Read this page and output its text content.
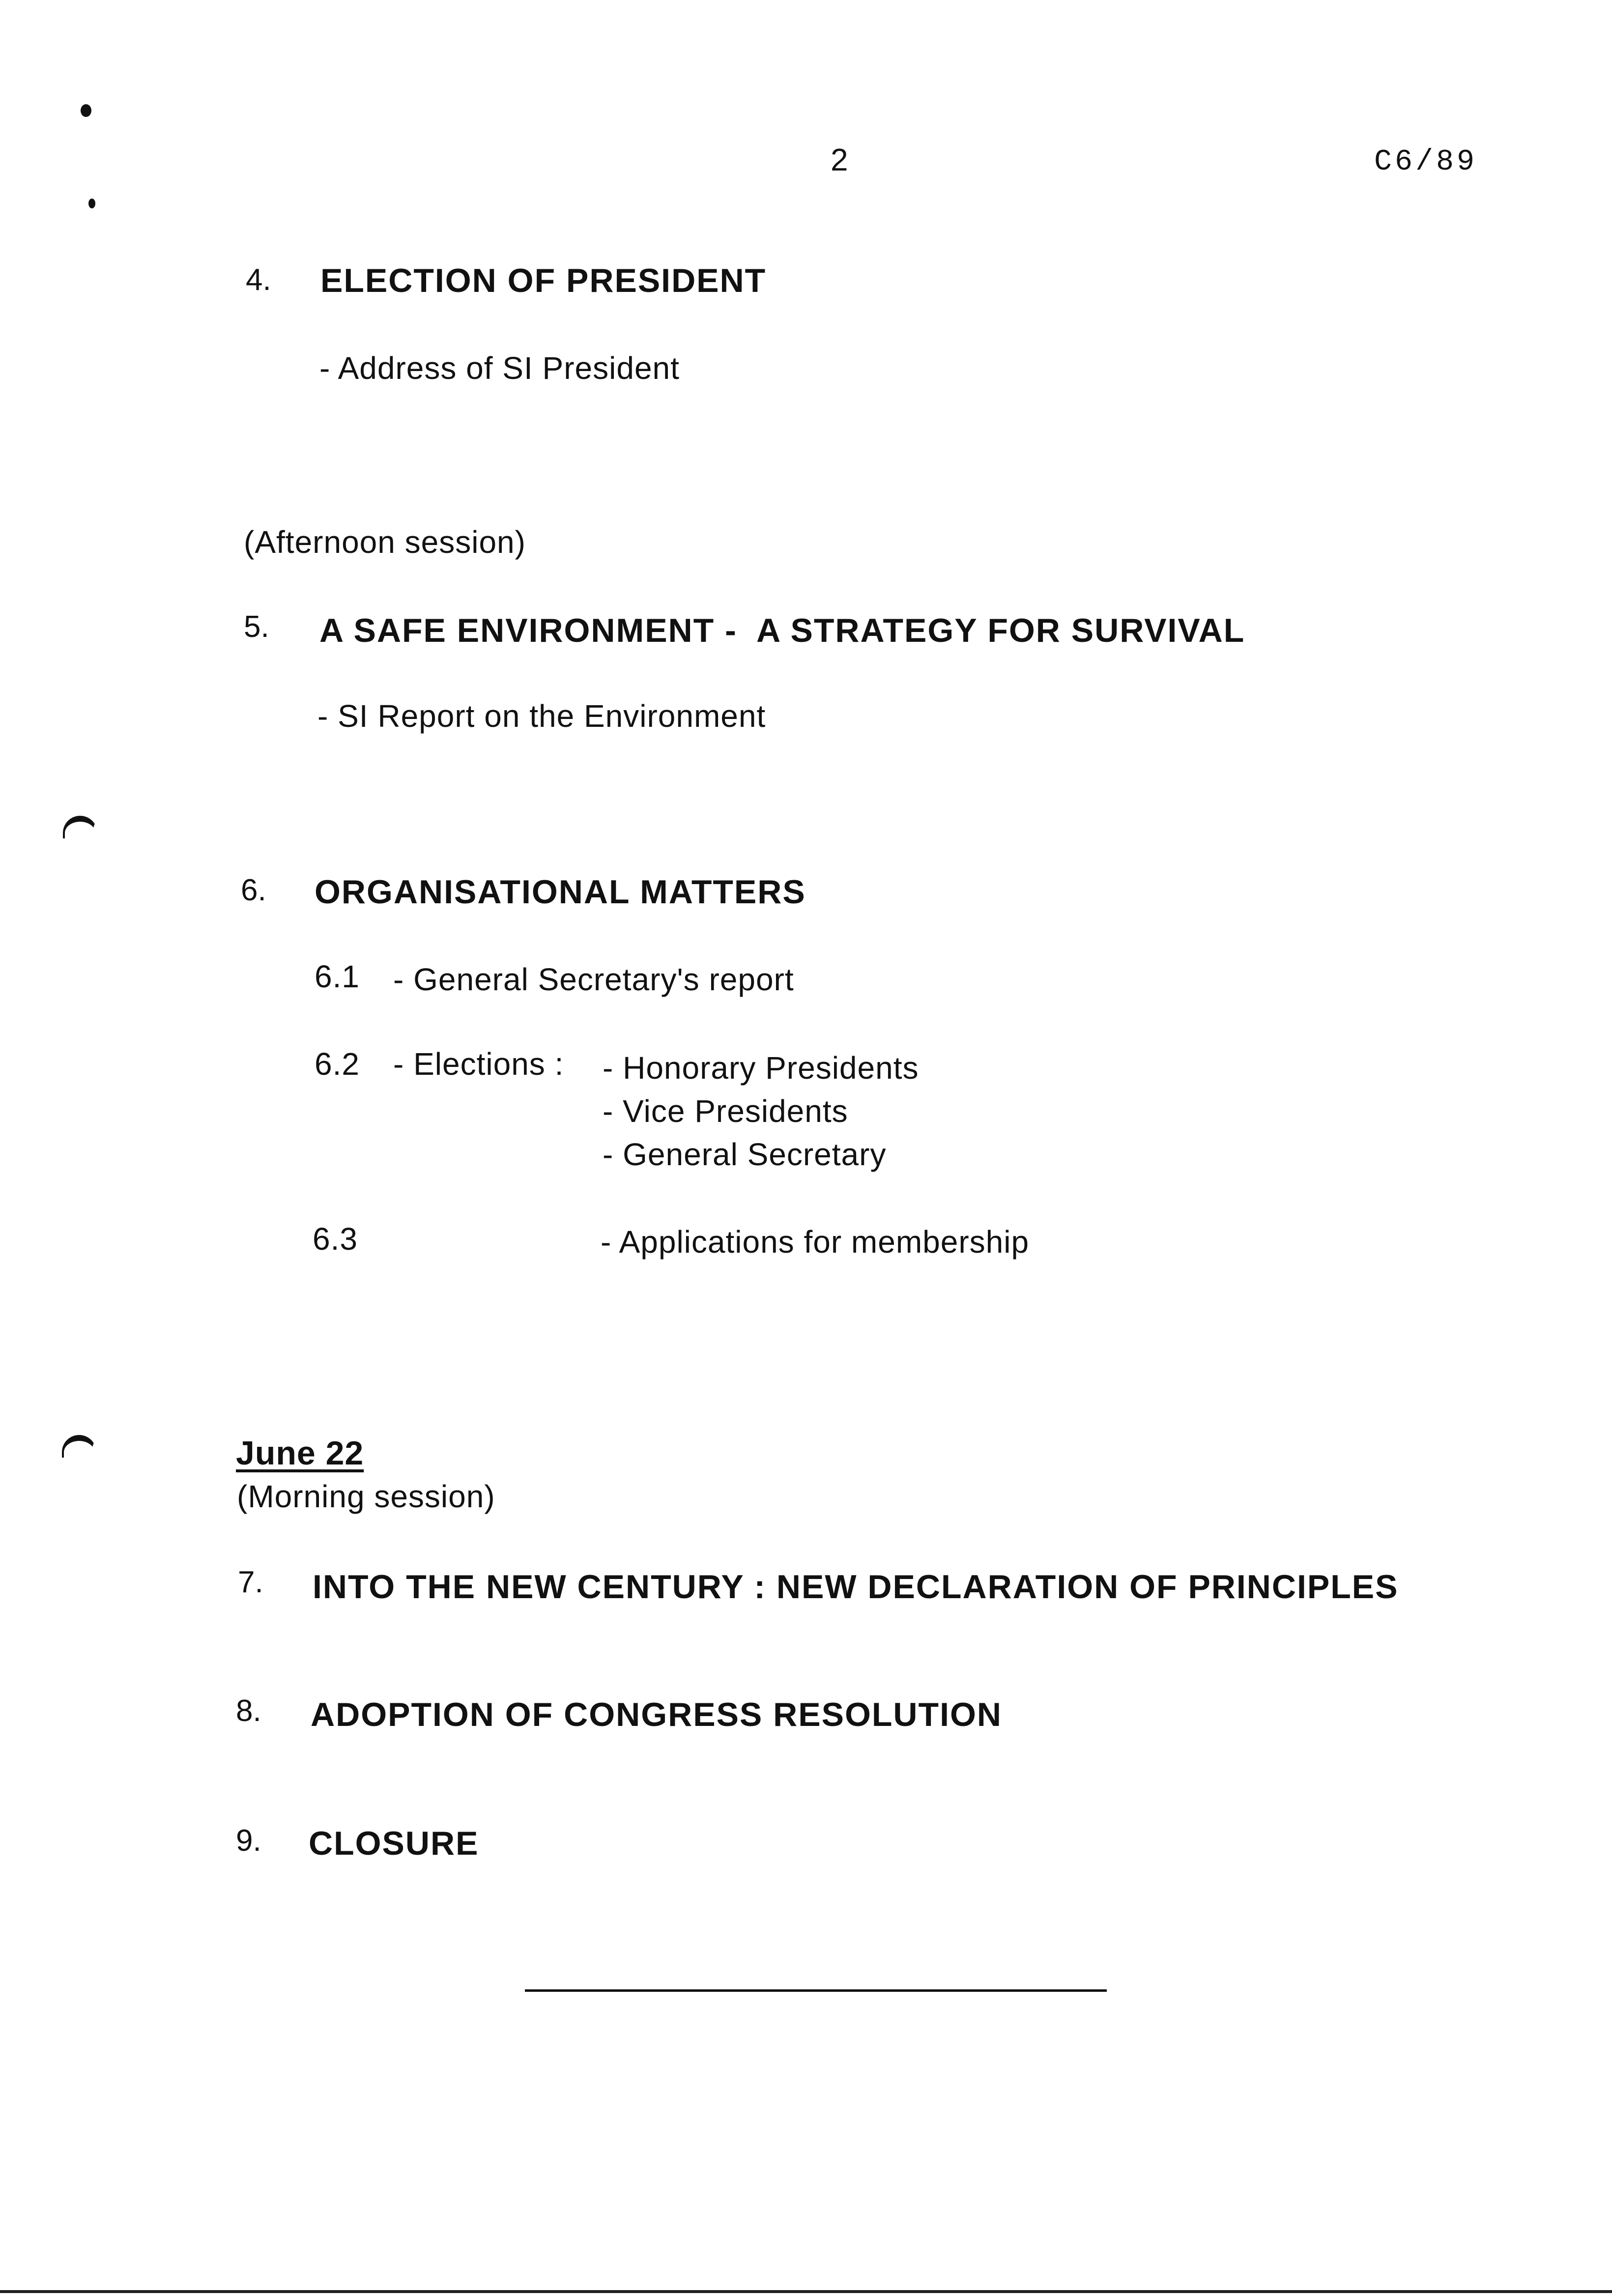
2	C6/89
4. ELECTION OF PRESIDENT
- Address of SI President
(Afternoon session)
5. A SAFE ENVIRONMENT -  A STRATEGY FOR SURVIVAL
- SI Report on the Environment
6. ORGANISATIONAL MATTERS
6.1 - General Secretary's report
6.2 - Elections : - Honorary Presidents
- Vice Presidents
- General Secretary
6.3	- Applications for membership
June 22
(Morning session)
7. INTO THE NEW CENTURY : NEW DECLARATION OF PRINCIPLES
8. ADOPTION OF CONGRESS RESOLUTION
9. CLOSURE
